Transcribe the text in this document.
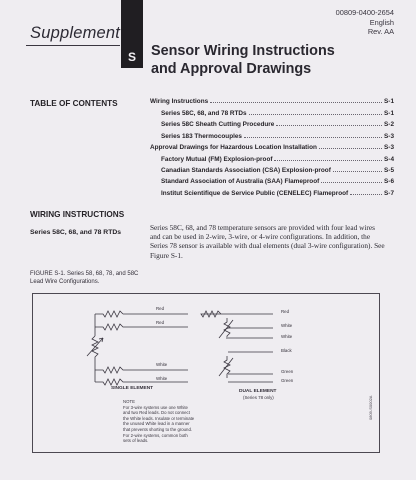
00809-0400-2654
English
Rev. AA
Supplement
S Sensor Wiring Instructions
and Approval Drawings
TABLE OF CONTENTS	Wiring Instructions	S-1
Series 58C, 68, and 78 RTDs	S-1
Series 58C Sheath Cutting Procedure	S-2
Series 183 Thermocouples	S-3
Approval Drawings for Hazardous Location Installation	S-3
Factory Mutual (FM) Explosion-proof	S-4
Canadian Standards Association (CSA) Explosion-proof	S-5
Standard Association of Australia (SAA) Flameproof	S-6
Institut Scientifique de Service Public (CENELEC) Flameproof	S-7
WIRING INSTRUCTIONS
Series 58C, 68, and 78 RTDs
Series 58C, 68, and 78 temperature sensors are provided with four lead wires and can be used in 2-wire, 3-wire, or 4-wire configurations. In addition, the Series 78 sensor is available with dual elements (dual 3-wire configuration). See Figure S-1.
FIGURE S-1. Series 58, 68, 78, and 58C
Lead Wire Configurations.
Red
Red
White
White
SINGLE ELEMENT
Red
White
White
Black
Green
Green
DUAL ELEMENT
(Series 78 only)
NOTE
For 3-wire systems use one White
and two Red leads. Do not connect
the White leads. Insulate or terminate
the unused White lead in a manner
that prevents shorting to the ground.
For 2-wire systems, common both
sets of leads.
0809-S0002A
